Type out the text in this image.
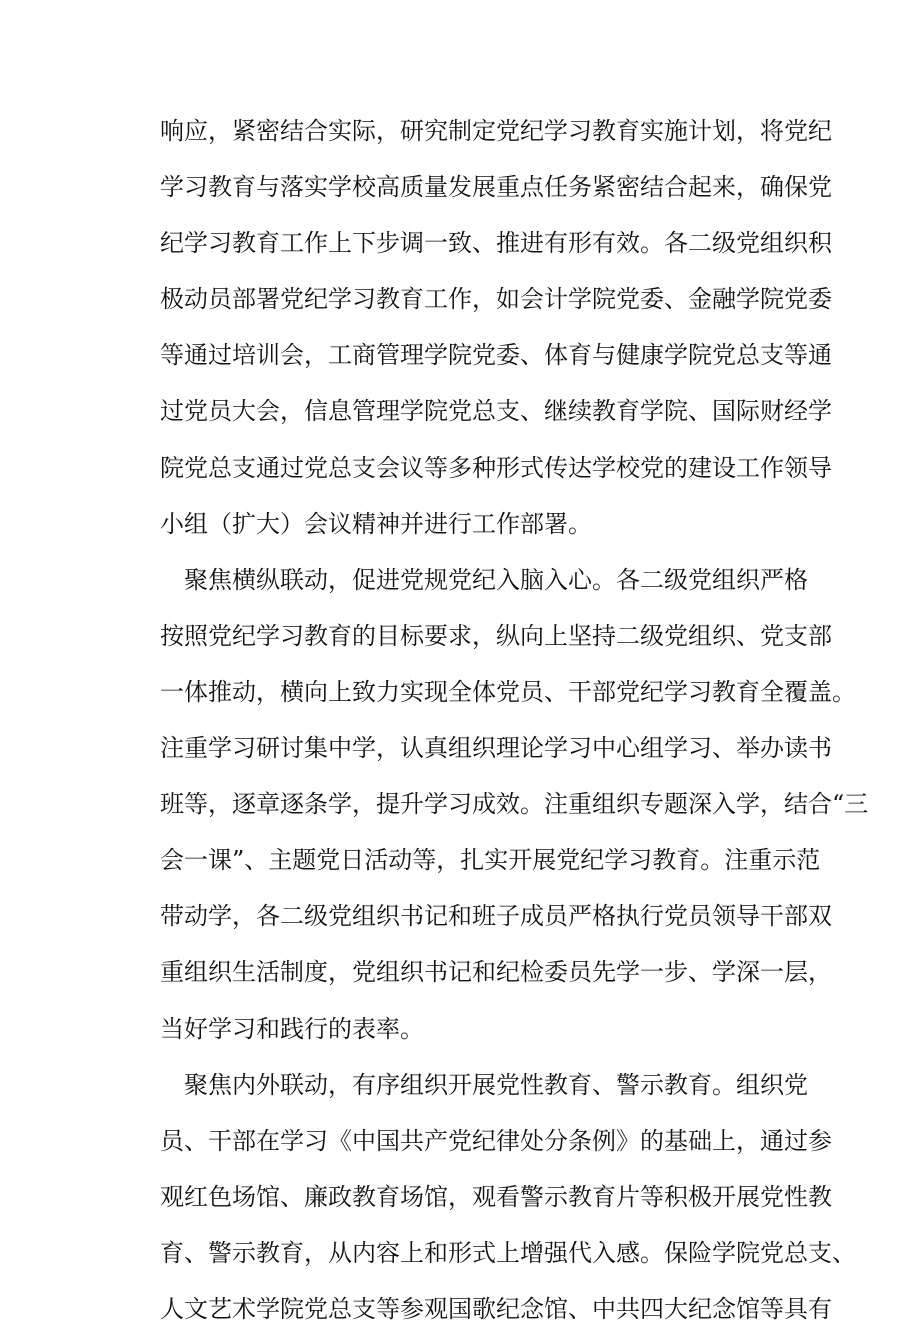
响应，紧密结合实际，研究制定党纪学习教育实施计划，将党纪
学习教育与落实学校高质量发展重点任务紧密结合起来，确保党
纪学习教育工作上下步调一致、推进有形有效。各二级党组织积
极动员部署党纪学习教育工作，如会计学院党委、金融学院党委
等通过培训会，工商管理学院党委、体育与健康学院党总支等通
过党员大会，信息管理学院党总支、继续教育学院、国际财经学
院党总支通过党总支会议等多种形式传达学校党的建设工作领导
小组（扩大）会议精神并进行工作部署。
聚焦横纵联动，促进党规党纪入脑入心。各二级党组织严格
按照党纪学习教育的目标要求，纵向上坚持二级党组织、党支部
一体推动，横向上致力实现全体党员、干部党纪学习教育全覆盖。
注重学习研讨集中学，认真组织理论学习中心组学习、举办读书
班等，逐章逐条学，提升学习成效。注重组织专题深入学，结合“三
会一课”、主题党日活动等，扎实开展党纪学习教育。注重示范
带动学，各二级党组织书记和班子成员严格执行党员领导干部双
重组织生活制度，党组织书记和纪检委员先学一步、学深一层，
当好学习和践行的表率。
聚焦内外联动，有序组织开展党性教育、警示教育。组织党
员、干部在学习《中国共产党纪律处分条例》的基础上，通过参
观红色场馆、廉政教育场馆，观看警示教育片等积极开展党性教
育、警示教育，从内容上和形式上增强代入感。保险学院党总支、
人文艺术学院党总支等参观国歌纪念馆、中共四大纪念馆等具有
